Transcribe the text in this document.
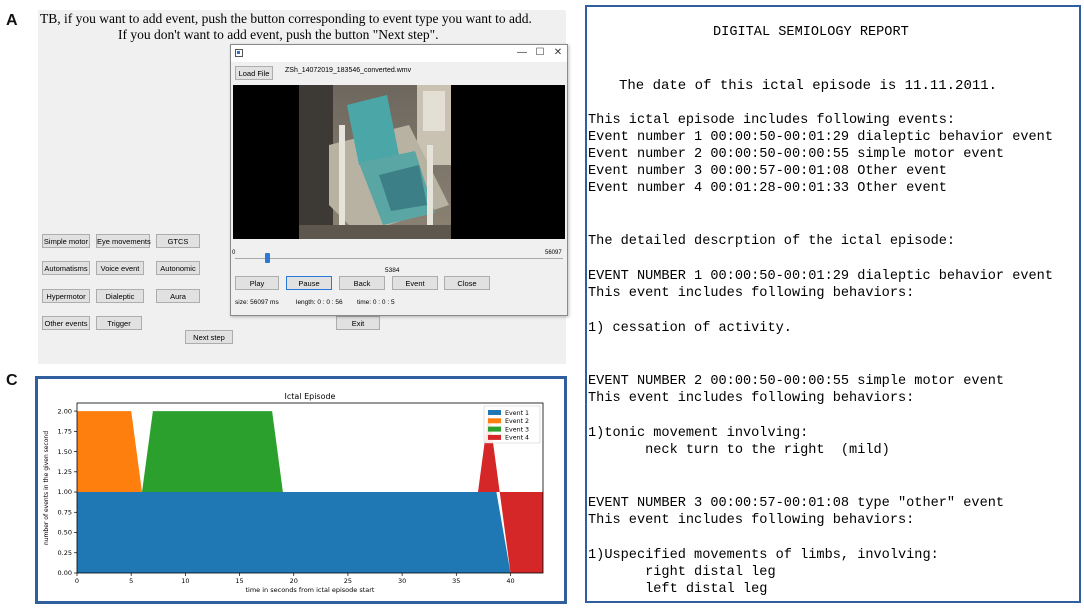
A
C
TB, if you want to add event, push the button corresponding to event type you want to add.
If you don't want to add event, push the button "Next step".
Simple motor Eye movements	GTCS
Automatisms	Voice event	Autonomic
Hypermotor	Dialeptic	Aura
Other events	Trigger	Exit
Next step
— ☐ ✕
Load File	ZSh_14072019_183546_converted.wmv
0	56097
5384
Play	Pause	Back	Event	Close
size: 56097 ms	length: 0 : 0 : 56 time: 0 : 0 : 5
DIGITAL SEMIOLOGY REPORT
The date of this ictal episode is 11.11.2011.
This ictal episode includes following events:
Event number 1 00:00:50-00:01:29 dialeptic behavior event
Event number 2 00:00:50-00:00:55 simple motor event
Event number 3 00:00:57-00:01:08 Other event
Event number 4 00:01:28-00:01:33 Other event
The detailed descrption of the ictal episode:
EVENT NUMBER 1 00:00:50-00:01:29 dialeptic behavior event
This event includes following behaviors:
1) cessation of activity.
EVENT NUMBER 2 00:00:50-00:00:55 simple motor event
This event includes following behaviors:
1)tonic movement involving:
neck turn to the right  (mild)
EVENT NUMBER 3 00:00:57-00:01:08 type "other" event
This event includes following behaviors:
1)Uspecified movements of limbs, involving:
right distal leg
left distal leg
0	5	10	15	20	25	30	35	40
0.00
0.25
0.50
0.75
1.00
1.25
1.50
1.75
2.00
Ictal Episode
time in seconds from ictal episode start
number of events in the given second
Event 1
Event 2
Event 3
Event 4
